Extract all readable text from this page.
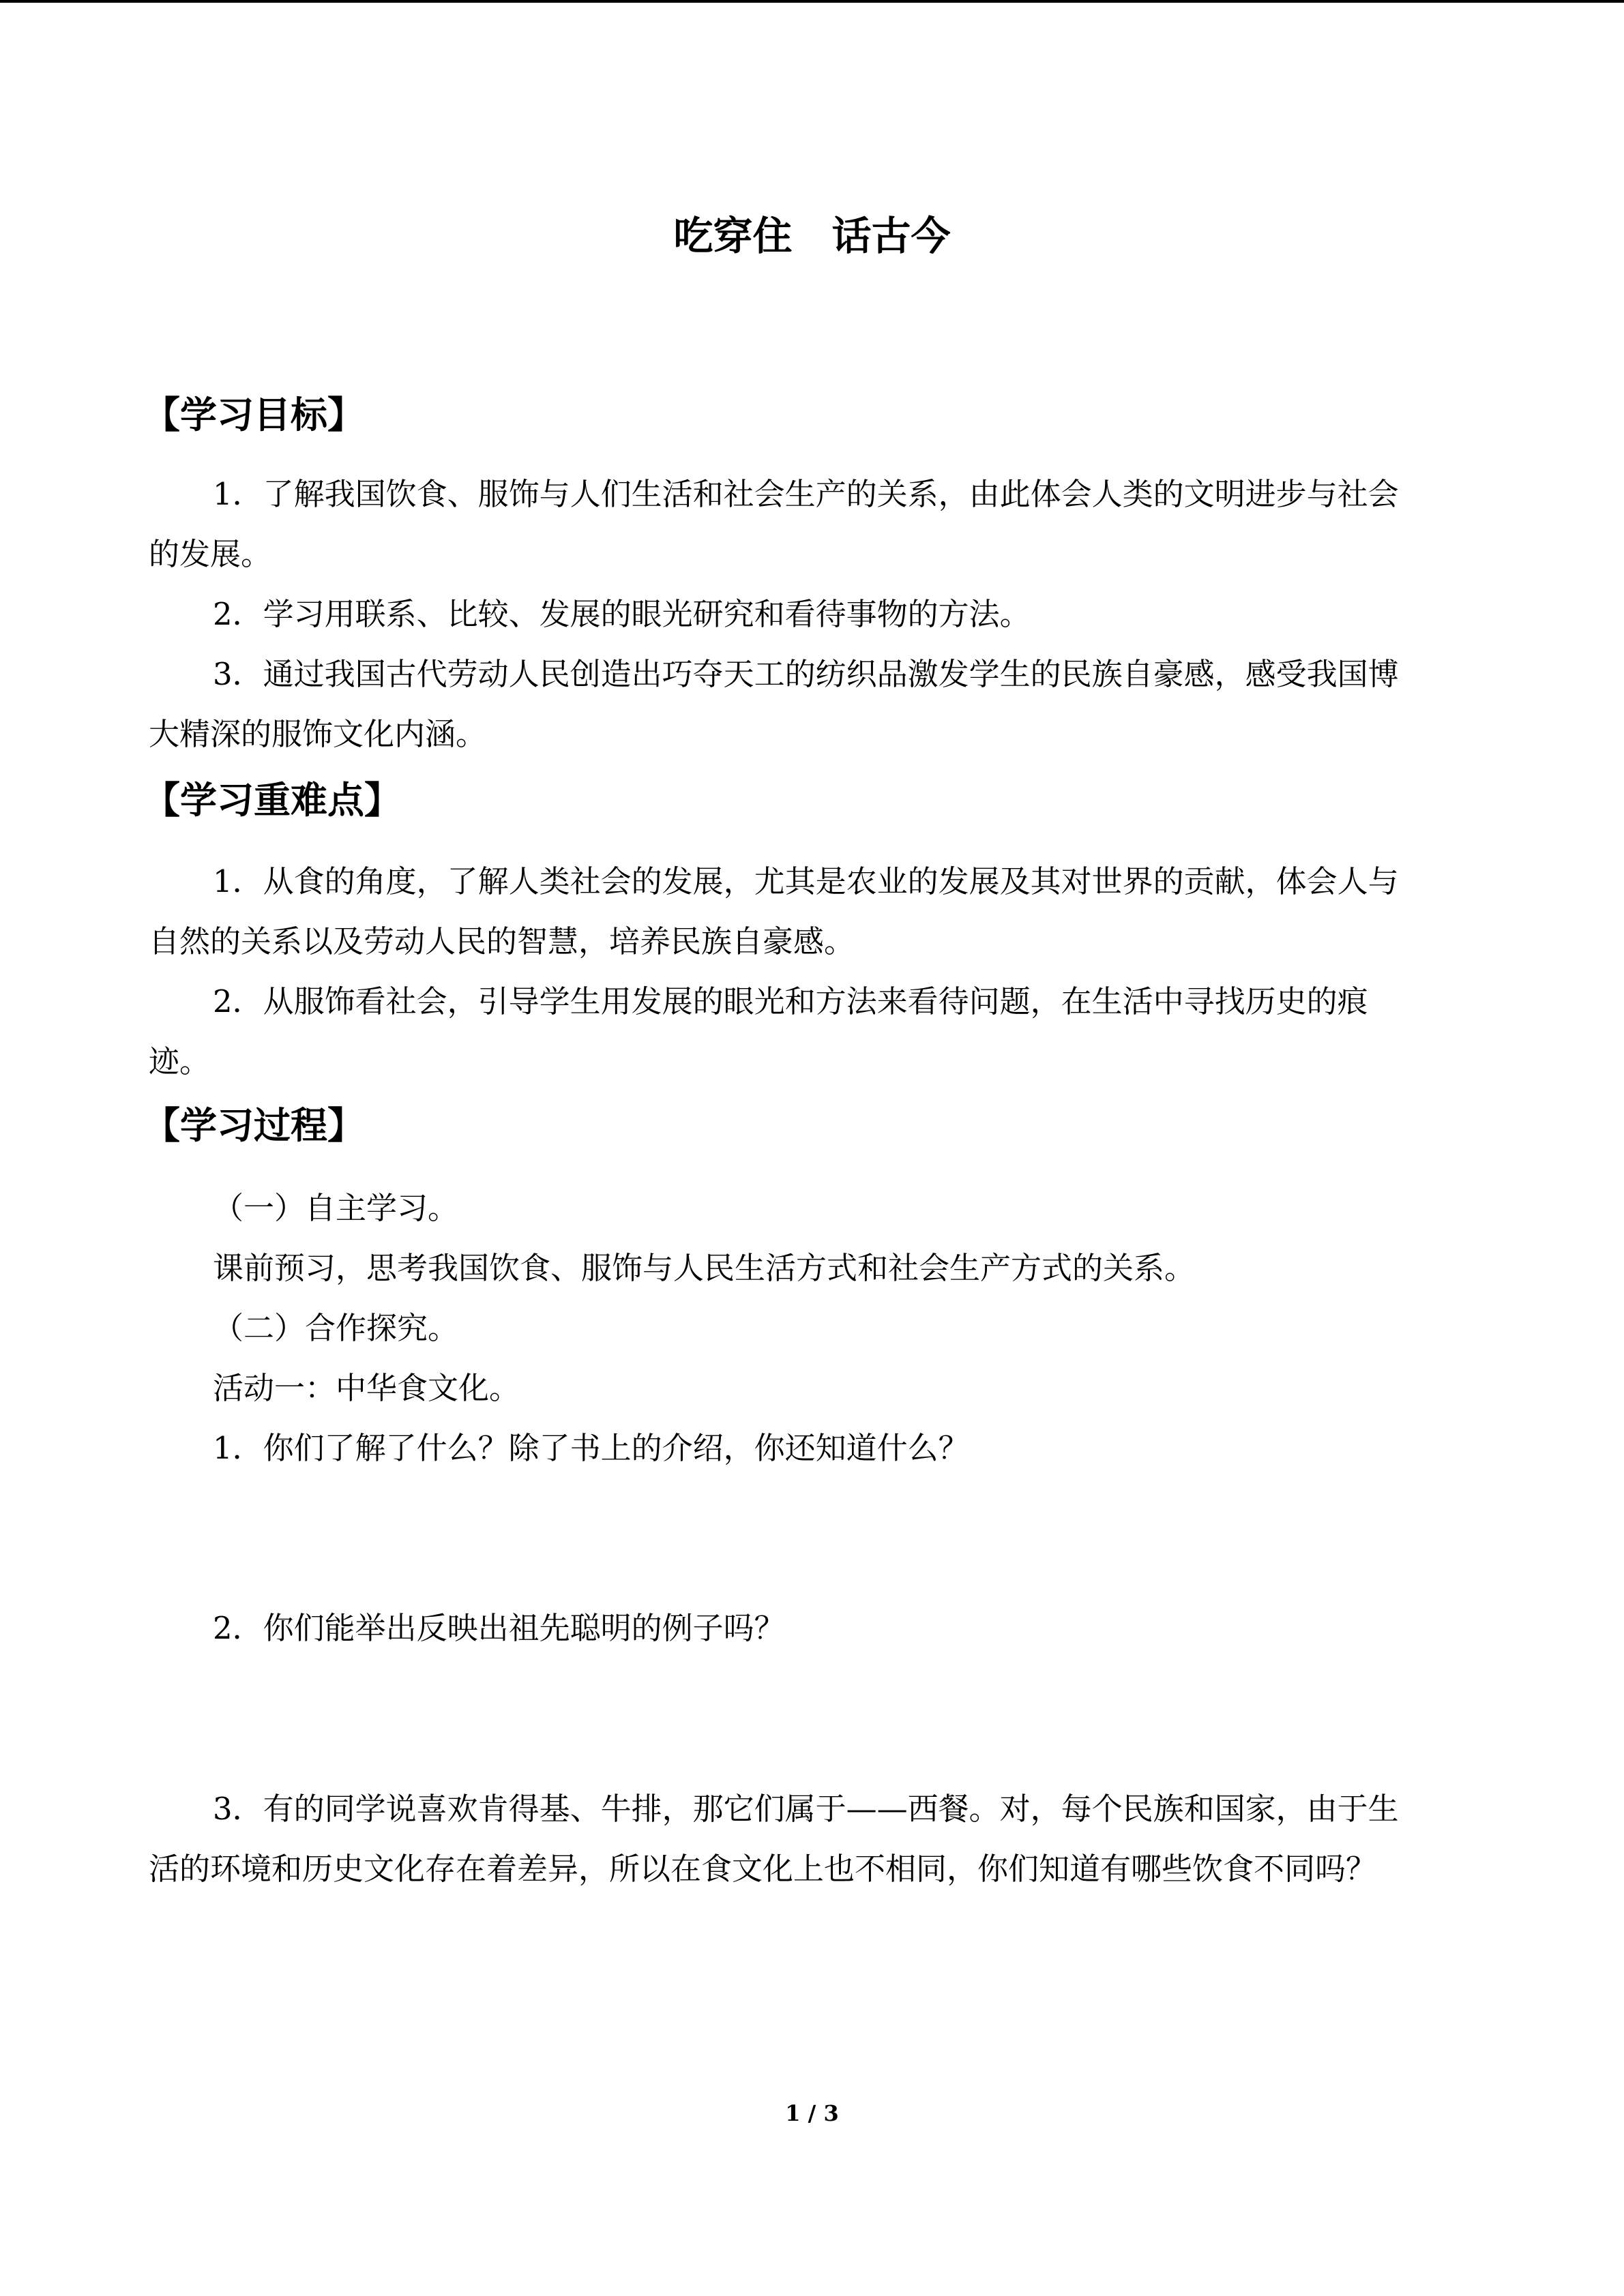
吃穿住　话古今
【学习目标】
1．了解我国饮食、服饰与人们生活和社会生产的关系，由此体会人类的文明进步与社会
的发展。
2．学习用联系、比较、发展的眼光研究和看待事物的方法。
3．通过我国古代劳动人民创造出巧夺天工的纺织品激发学生的民族自豪感，感受我国博
大精深的服饰文化内涵。
【学习重难点】
1．从食的角度，了解人类社会的发展，尤其是农业的发展及其对世界的贡献，体会人与
自然的关系以及劳动人民的智慧，培养民族自豪感。
2．从服饰看社会，引导学生用发展的眼光和方法来看待问题，在生活中寻找历史的痕
迹。
【学习过程】
（一）自主学习。
课前预习，思考我国饮食、服饰与人民生活方式和社会生产方式的关系。
（二）合作探究。
活动一：中华食文化。
1．你们了解了什么？除了书上的介绍，你还知道什么？
2．你们能举出反映出祖先聪明的例子吗？
3．有的同学说喜欢肯得基、牛排，那它们属于——西餐。对，每个民族和国家，由于生
活的环境和历史文化存在着差异，所以在食文化上也不相同，你们知道有哪些饮食不同吗？
1 / 3
